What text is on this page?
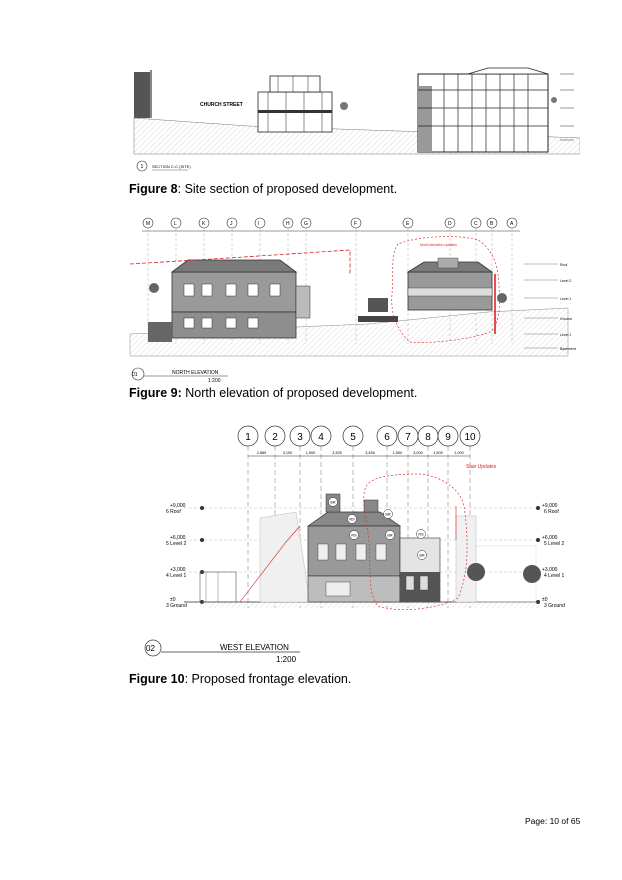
CHURCH STREET
1 SECTION C-C (SITE)
Figure 8: Site section of proposed development.
M	L	K	J	I	H	G	F	E	D	C B	A
North elevation updates
Roof
Level 2
Level 1
Ground
Level 1
Basement
01	NORTH ELEVATION
1:200
Figure 9: North elevation of proposed development.
1 2 3 4	5	6 7 8 9 10
2,885	3,100	1,500	3,325	3,455	1,500	3,000	1,500	1,000
+9,000
6 Roof
+6,000
5 Level 2
+3,000
4 Level 1
±0
3 Ground
+9,000
6 Roof
+6,000
5 Level 2
+3,000
4 Level 1
±0
3 Ground
BR
RS
BR
RS	BR	RS
BR
Stair Updates
02	WEST ELEVATION
1:200
Figure 10: Proposed frontage elevation.
Page: 10 of 65
